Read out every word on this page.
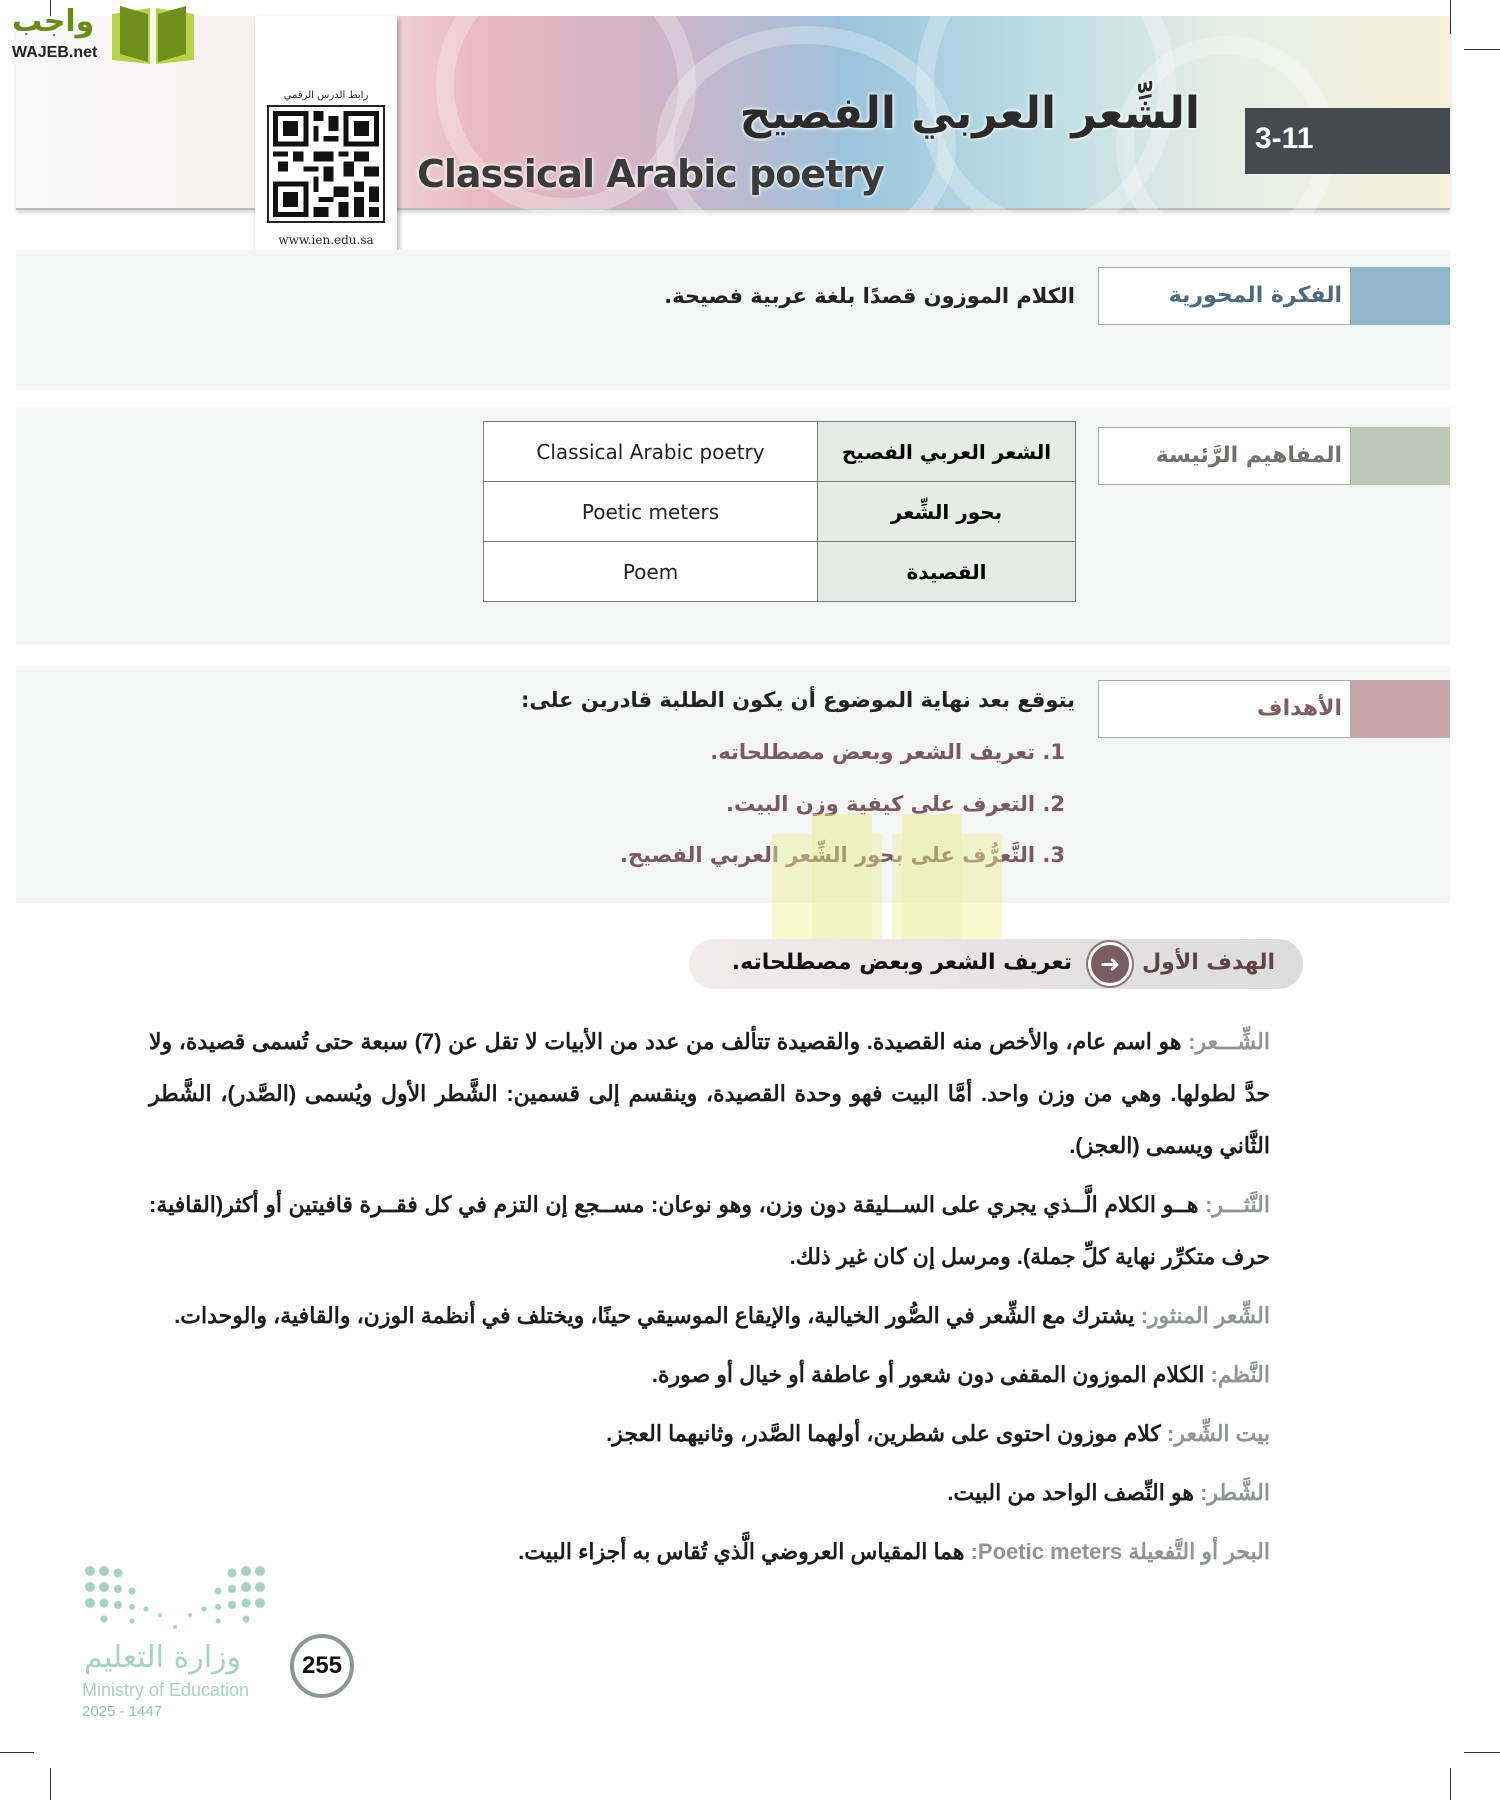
الشِّعر العربي الفصيح
Classical Arabic poetry
3-11
واجب
WAJEB.net
رابط الدرس الرقمي
www.ien.edu.sa
الفكرة المحورية
الكلام الموزون قصدًا بلغة عربية فصيحة.
المفاهيم الرَّئيسة
Classical Arabic poetry	الشعر العربي الفصيح
Poetic meters	بحور الشِّعر
Poem	القصيدة
الأهداف
يتوقع بعد نهاية الموضوع أن يكون الطلبة قادرين على:
1. تعريف الشعر وبعض مصطلحاته.
2. التعرف على كيفية وزن البيت.
3. التَّعرُّف على بحور الشِّعر العربي الفصيح.
الهدف الأول
➜
تعريف الشعر وبعض مصطلحاته.

الشِّـــعر: هو اسم عام، والأخص منه القصيدة. والقصيدة تتألف من عدد من الأبيات لا تقل عن (7) سبعة حتى تُسمى قصيدة، ولا حدَّ لطولها. وهي من وزن واحد. أمَّا البيت فهو وحدة القصيدة، وينقسم إلى قسمين: الشَّطر الأول ويُسمى (الصَّدر)، الشَّطر الثَّاني ويسمى (العجز).

النَّثـــر: هــو الكلام الَّــذي يجري على الســليقة دون وزن، وهو نوعان: مســجع إن التزم في كل فقــرة قافيتين أو أكثر(القافية: حرف متكرِّر نهاية كلِّ جملة). ومرسل إن كان غير ذلك.

الشِّعر المنثور: يشترك مع الشِّعر في الصُّور الخيالية، والإيقاع الموسيقي حينًا، ويختلف في أنظمة الوزن، والقافية، والوحدات.

النَّظم: الكلام الموزون المقفى دون شعور أو عاطفة أو خيال أو صورة.

بيت الشِّعر: كلام موزون احتوى على شطرين، أولهما الصَّدر، وثانيهما العجز.

الشَّطر: هو النِّصف الواحد من البيت.

البحر أو التَّفعيلة Poetic meters: هما المقياس العروضي الَّذي تُقاس به أجزاء البيت.

وزارة التعليم
Ministry of Education
2025 - 1447
255
